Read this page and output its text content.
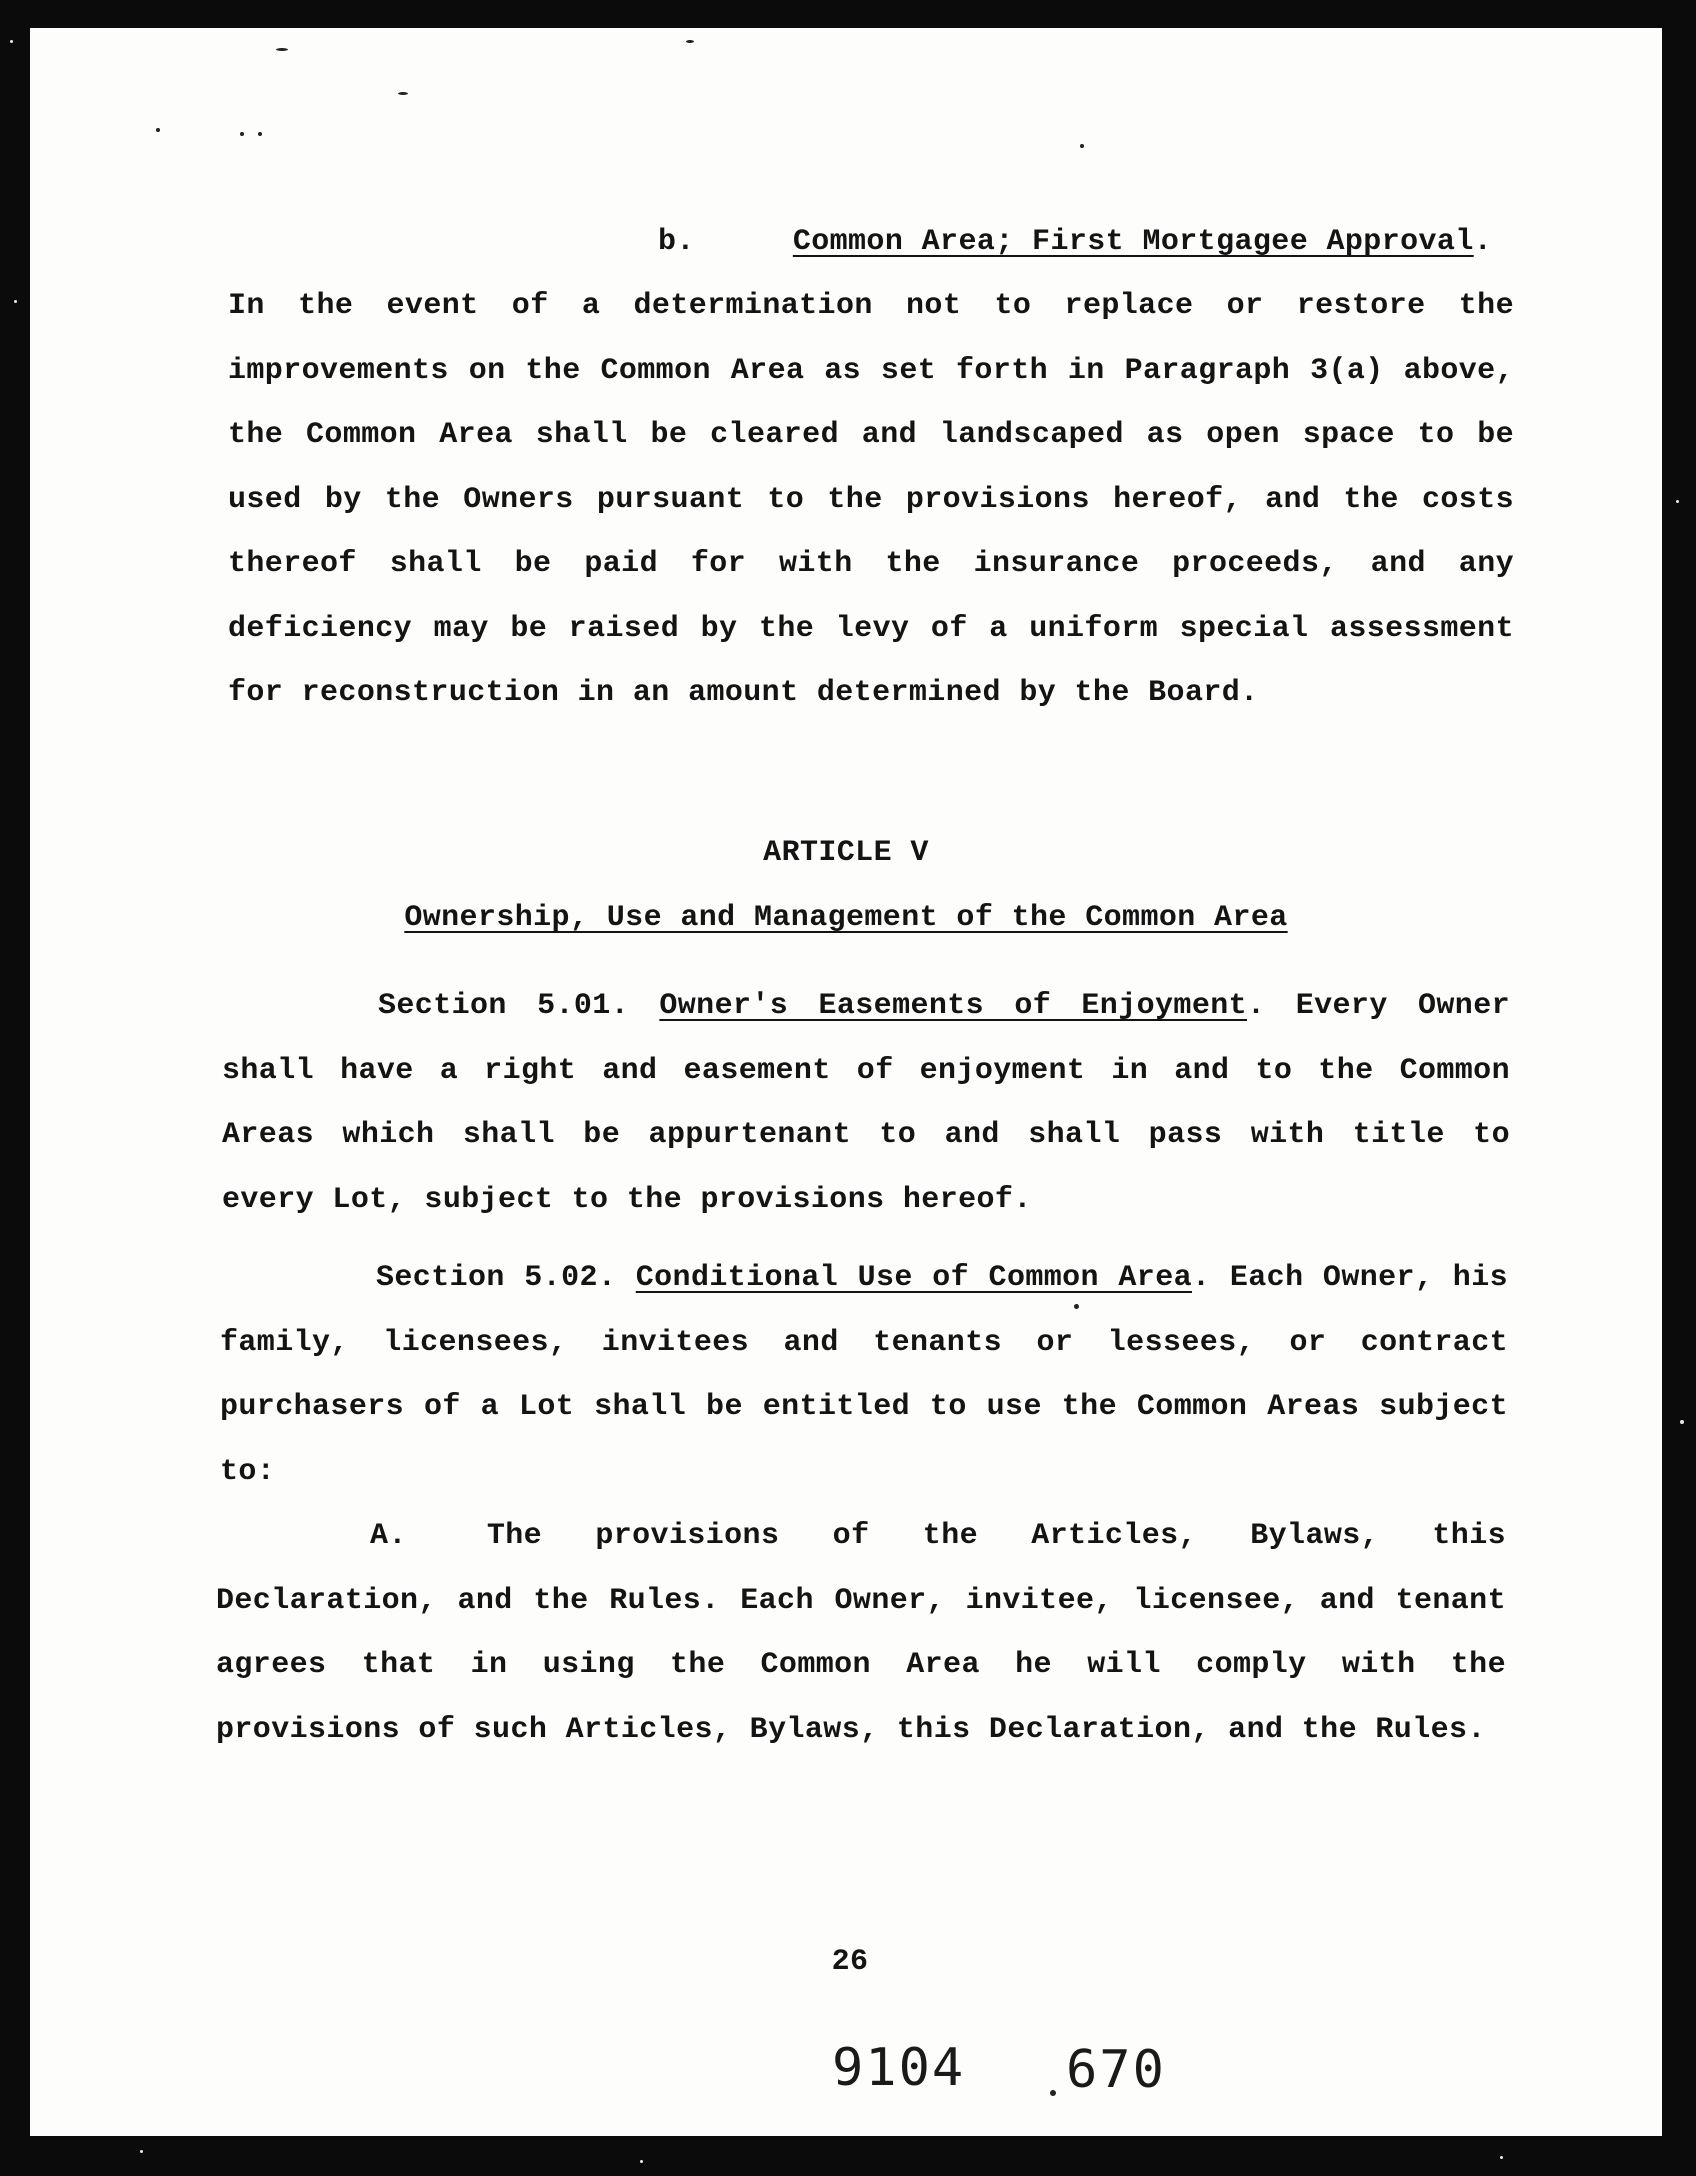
b.	Common Area; First Mortgagee Approval.
In the event of a determination not to replace or restore the improvements on the Common Area as set forth in Paragraph 3(a) above, the Common Area shall be cleared and landscaped as open space to be used by the Owners pursuant to the provisions hereof, and the costs thereof shall be paid for with the insurance proceeds, and any deficiency may be raised by the levy of a uniform special assessment for reconstruction in an amount determined by the Board.
ARTICLE V
Ownership, Use and Management of the Common Area
Section 5.01. Owner's Easements of Enjoyment. Every Owner shall have a right and easement of enjoyment in and to the Common Areas which shall be appurtenant to and shall pass with title to every Lot, subject to the provisions hereof.
Section 5.02. Conditional Use of Common Area. Each Owner, his family, licensees, invitees and tenants or lessees, or contract purchasers of a Lot shall be entitled to use the Common Areas subject to:
A.	The provisions of the Articles, Bylaws, this Declaration, and the Rules. Each Owner, invitee, licensee, and tenant agrees that in using the Common Area he will comply with the provisions of such Articles, Bylaws, this Declaration, and the Rules.
26
9104 670
